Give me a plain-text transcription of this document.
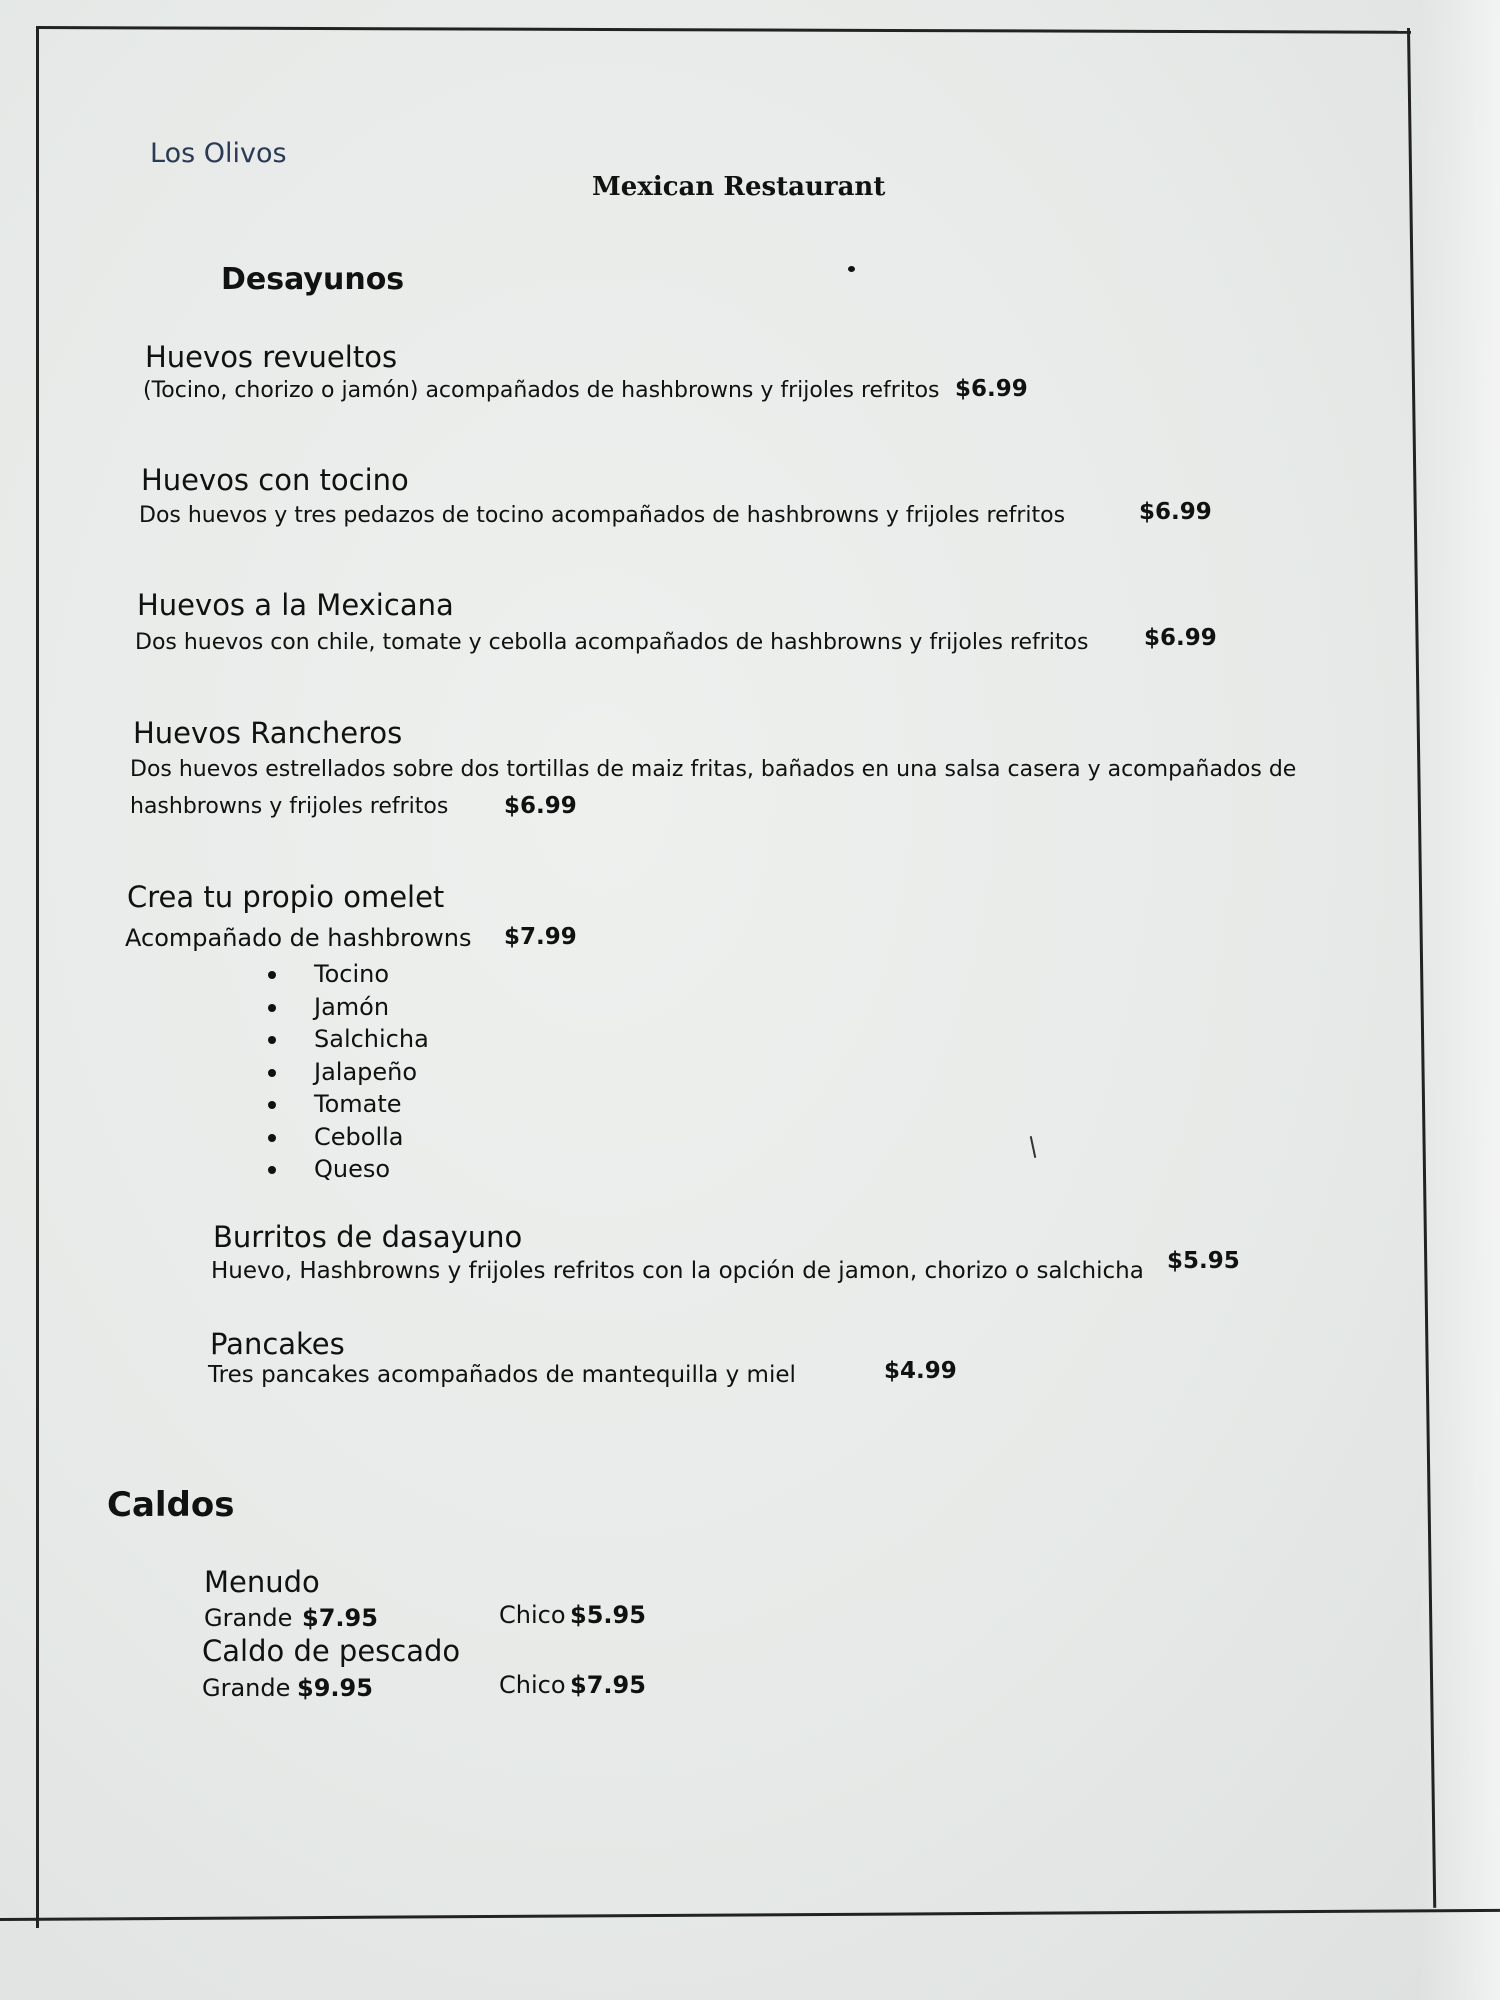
Los Olivos
Mexican Restaurant
Desayunos
Huevos revueltos
(Tocino, chorizo o jamón) acompañados de hashbrowns y frijoles refritos $6.99
Huevos con tocino
Dos huevos y tres pedazos de tocino acompañados de hashbrowns y frijoles refritos	$6.99
Huevos a la Mexicana
Dos huevos con chile, tomate y cebolla acompañados de hashbrowns y frijoles refritos $6.99
Huevos Rancheros
Dos huevos estrellados sobre dos tortillas de maiz fritas, bañados en una salsa casera y acompañados de
hashbrowns y frijoles refritos $6.99
Crea tu propio omelet
Acompañado de hashbrowns $7.99
Tocino
Jamón
Salchicha
Jalapeño
Tomate
Cebolla
Queso
Burritos de dasayuno
Huevo, Hashbrowns y frijoles refritos con la opción de jamon, chorizo o salchicha $5.95
Pancakes
Tres pancakes acompañados de mantequilla y miel	$4.99
Caldos
Menudo
Grande $7.95	Chico $5.95
Caldo de pescado
Grande $9.95	Chico $7.95
